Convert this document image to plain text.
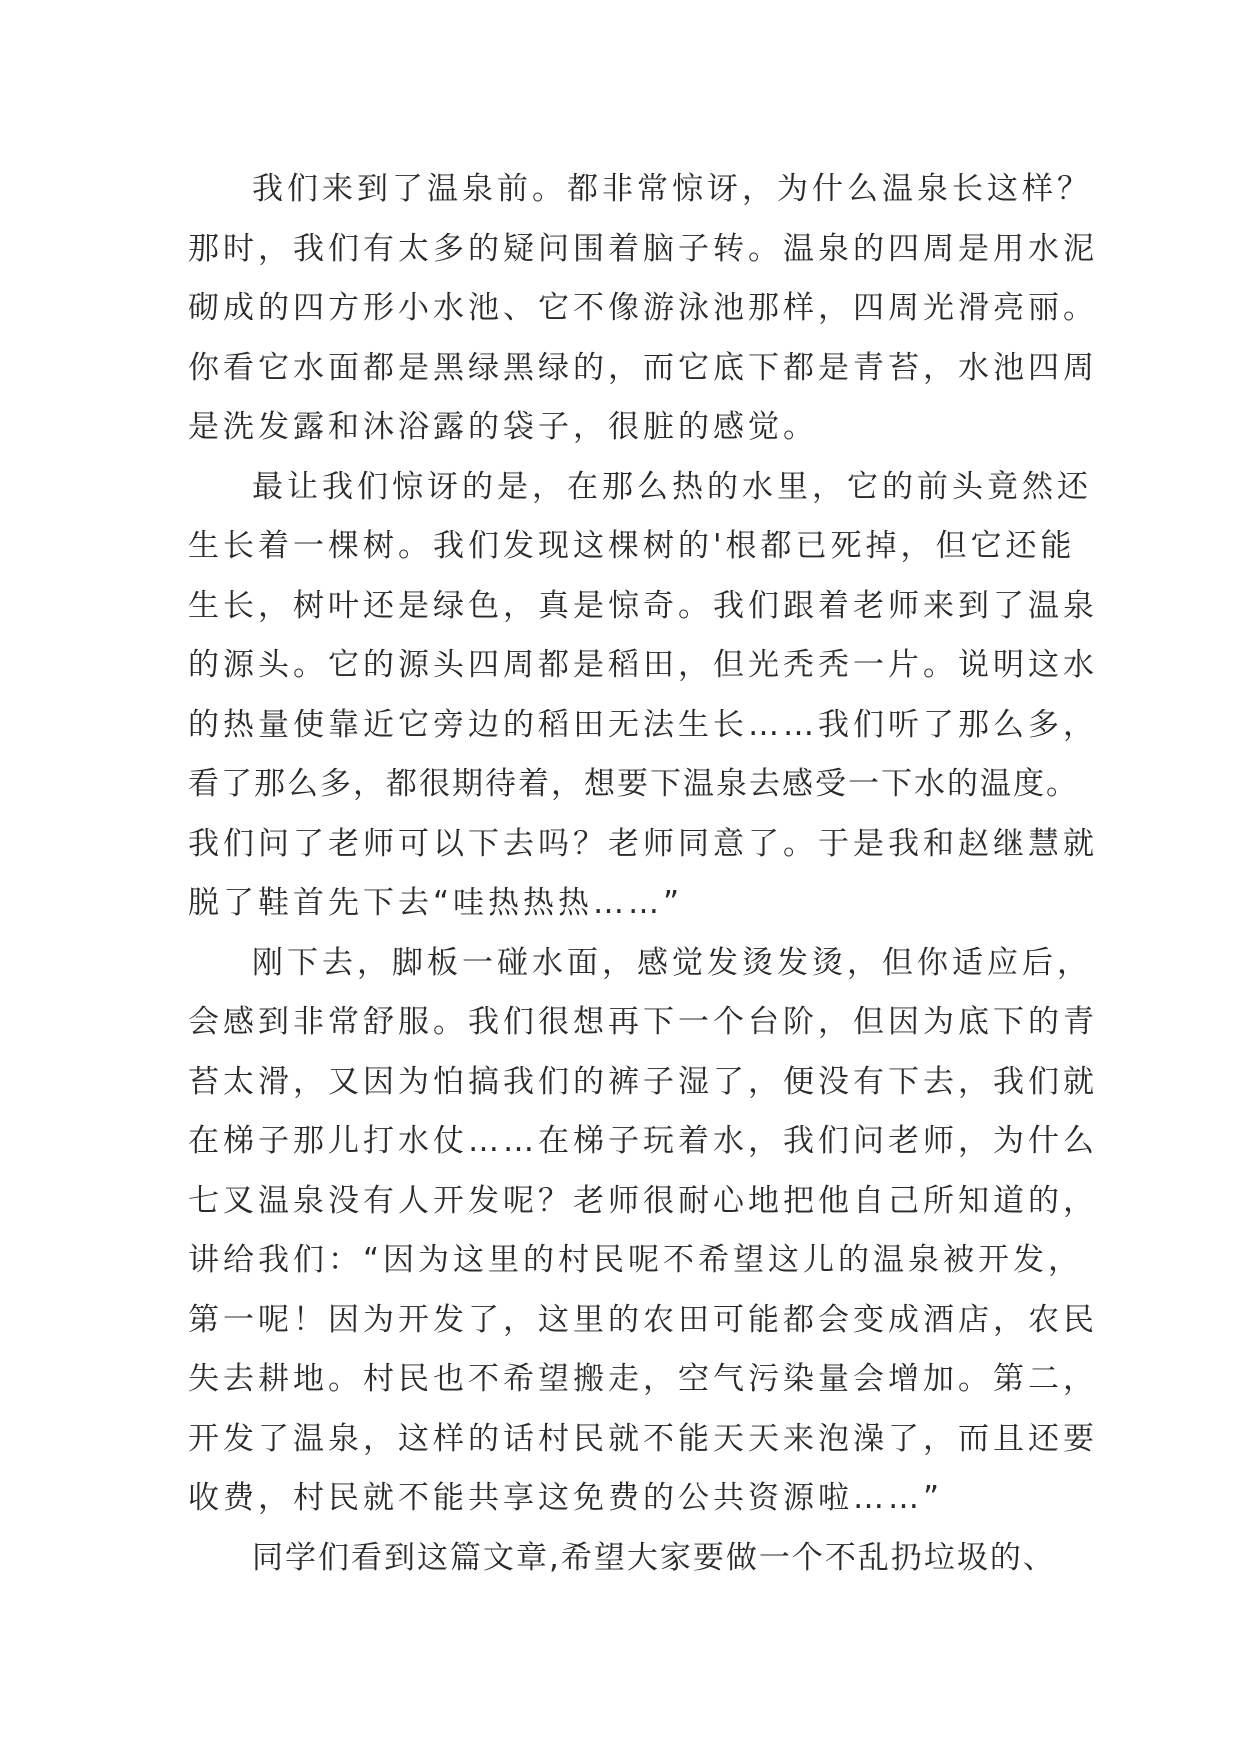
我们来到了温泉前。都非常惊讶，为什么温泉长这样？
那时，我们有太多的疑问围着脑子转。温泉的四周是用水泥
砌成的四方形小水池、它不像游泳池那样，四周光滑亮丽。
你看它水面都是黑绿黑绿的，而它底下都是青苔，水池四周
是洗发露和沐浴露的袋子，很脏的感觉。
最让我们惊讶的是，在那么热的水里，它的前头竟然还
生长着一棵树。我们发现这棵树的'根都已死掉，但它还能
生长，树叶还是绿色，真是惊奇。我们跟着老师来到了温泉
的源头。它的源头四周都是稻田，但光秃秃一片。说明这水
的热量使靠近它旁边的稻田无法生长……我们听了那么多，
看了那么多，都很期待着，想要下温泉去感受一下水的温度。
我们问了老师可以下去吗？老师同意了。于是我和赵继慧就
脱了鞋首先下去“哇热热热……”
刚下去，脚板一碰水面，感觉发烫发烫，但你适应后，
会感到非常舒服。我们很想再下一个台阶，但因为底下的青
苔太滑，又因为怕搞我们的裤子湿了，便没有下去，我们就
在梯子那儿打水仗……在梯子玩着水，我们问老师，为什么
七叉温泉没有人开发呢？老师很耐心地把他自己所知道的，
讲给我们：“因为这里的村民呢不希望这儿的温泉被开发，
第一呢！因为开发了，这里的农田可能都会变成酒店，农民
失去耕地。村民也不希望搬走，空气污染量会增加。第二，
开发了温泉，这样的话村民就不能天天来泡澡了，而且还要
收费，村民就不能共享这免费的公共资源啦……”
同学们看到这篇文章,希望大家要做一个不乱扔垃圾的、
